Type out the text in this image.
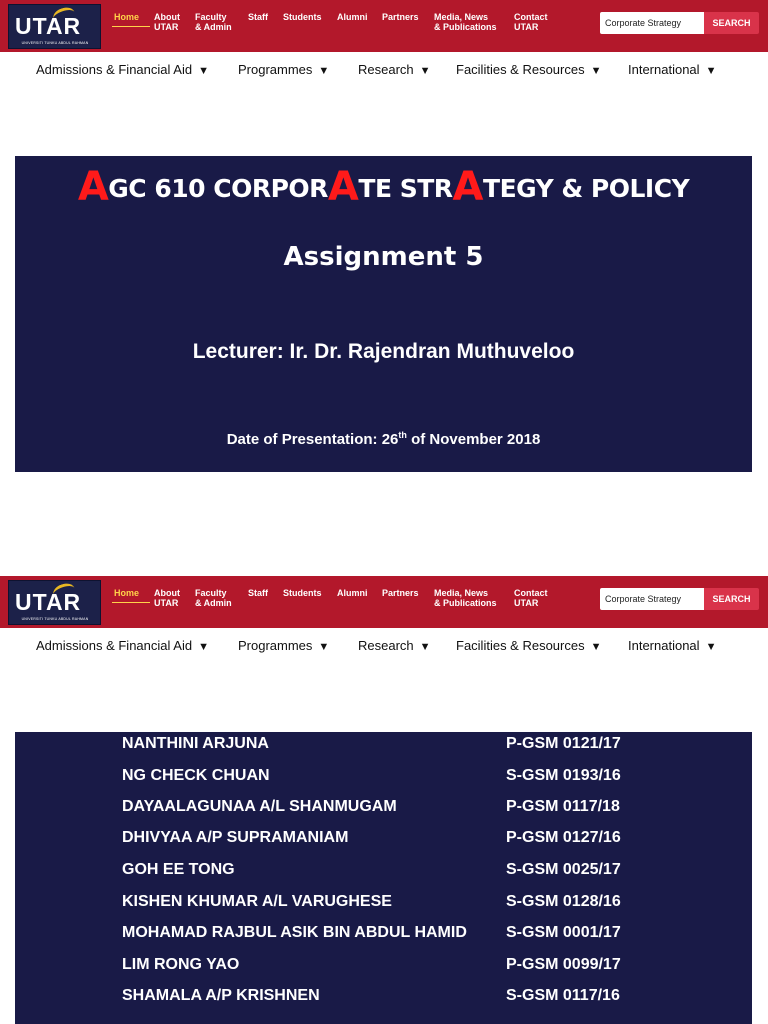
UTAR
UNIVERSITI TUNKU ABDUL RAHMAN
Home About
UTAR
Faculty
& Admin
Staff Students Alumni Partners Media, News
& Publications
Contact
UTAR
Corporate Strategy	SEARCH
Admissions & Financial Aid ▼ Programmes ▼ Research ▼ Facilities & Resources ▼ International ▼
AGC 610 CORPORATE STRATEGY & POLICY
Assignment 5
Lecturer: Ir. Dr. Rajendran Muthuveloo
Date of Presentation: 26th of November 2018
UTAR
UNIVERSITI TUNKU ABDUL RAHMAN
Home About
UTAR
Faculty
& Admin
Staff Students Alumni Partners Media, News
& Publications
Contact
UTAR
Corporate Strategy	SEARCH
Admissions & Financial Aid ▼ Programmes ▼ Research ▼ Facilities & Resources ▼ International ▼
NANTHINI ARJUNA	P-GSM 0121/17
NG CHECK CHUAN	S-GSM 0193/16
DAYAALAGUNAA A/L SHANMUGAM	P-GSM 0117/18
DHIVYAA A/P SUPRAMANIAM	P-GSM 0127/16
GOH EE TONG	S-GSM 0025/17
KISHEN KHUMAR A/L VARUGHESE	S-GSM 0128/16
MOHAMAD RAJBUL ASIK BIN ABDUL HAMID S-GSM 0001/17
LIM RONG YAO	P-GSM 0099/17
SHAMALA A/P KRISHNEN	S-GSM 0117/16
